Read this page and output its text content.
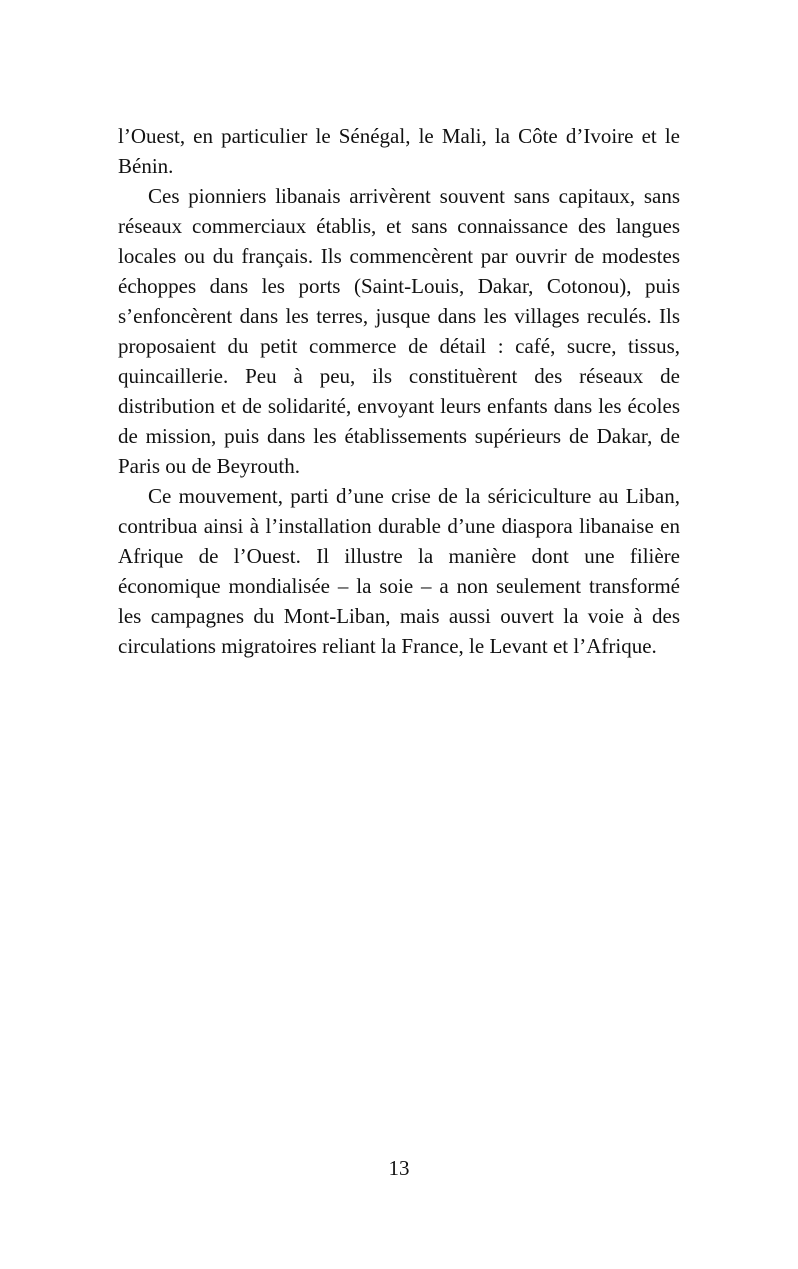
l’Ouest, en particulier le Sénégal, le Mali, la Côte d’Ivoire et le Bénin.

Ces pionniers libanais arrivèrent souvent sans capitaux, sans réseaux commerciaux établis, et sans connaissance des langues locales ou du français. Ils commencèrent par ouvrir de modestes échoppes dans les ports (Saint-Louis, Dakar, Cotonou), puis s’enfoncèrent dans les terres, jusque dans les villages reculés. Ils proposaient du petit commerce de détail : café, sucre, tissus, quincaillerie. Peu à peu, ils constituèrent des réseaux de distribution et de solidarité, envoyant leurs enfants dans les écoles de mission, puis dans les établissements supérieurs de Dakar, de Paris ou de Beyrouth.

Ce mouvement, parti d’une crise de la sériciculture au Liban, contribua ainsi à l’installation durable d’une diaspora libanaise en Afrique de l’Ouest. Il illustre la manière dont une filière économique mondialisée – la soie – a non seulement transformé les campagnes du Mont-Liban, mais aussi ouvert la voie à des circulations migratoires reliant la France, le Levant et l’Afrique.

13
